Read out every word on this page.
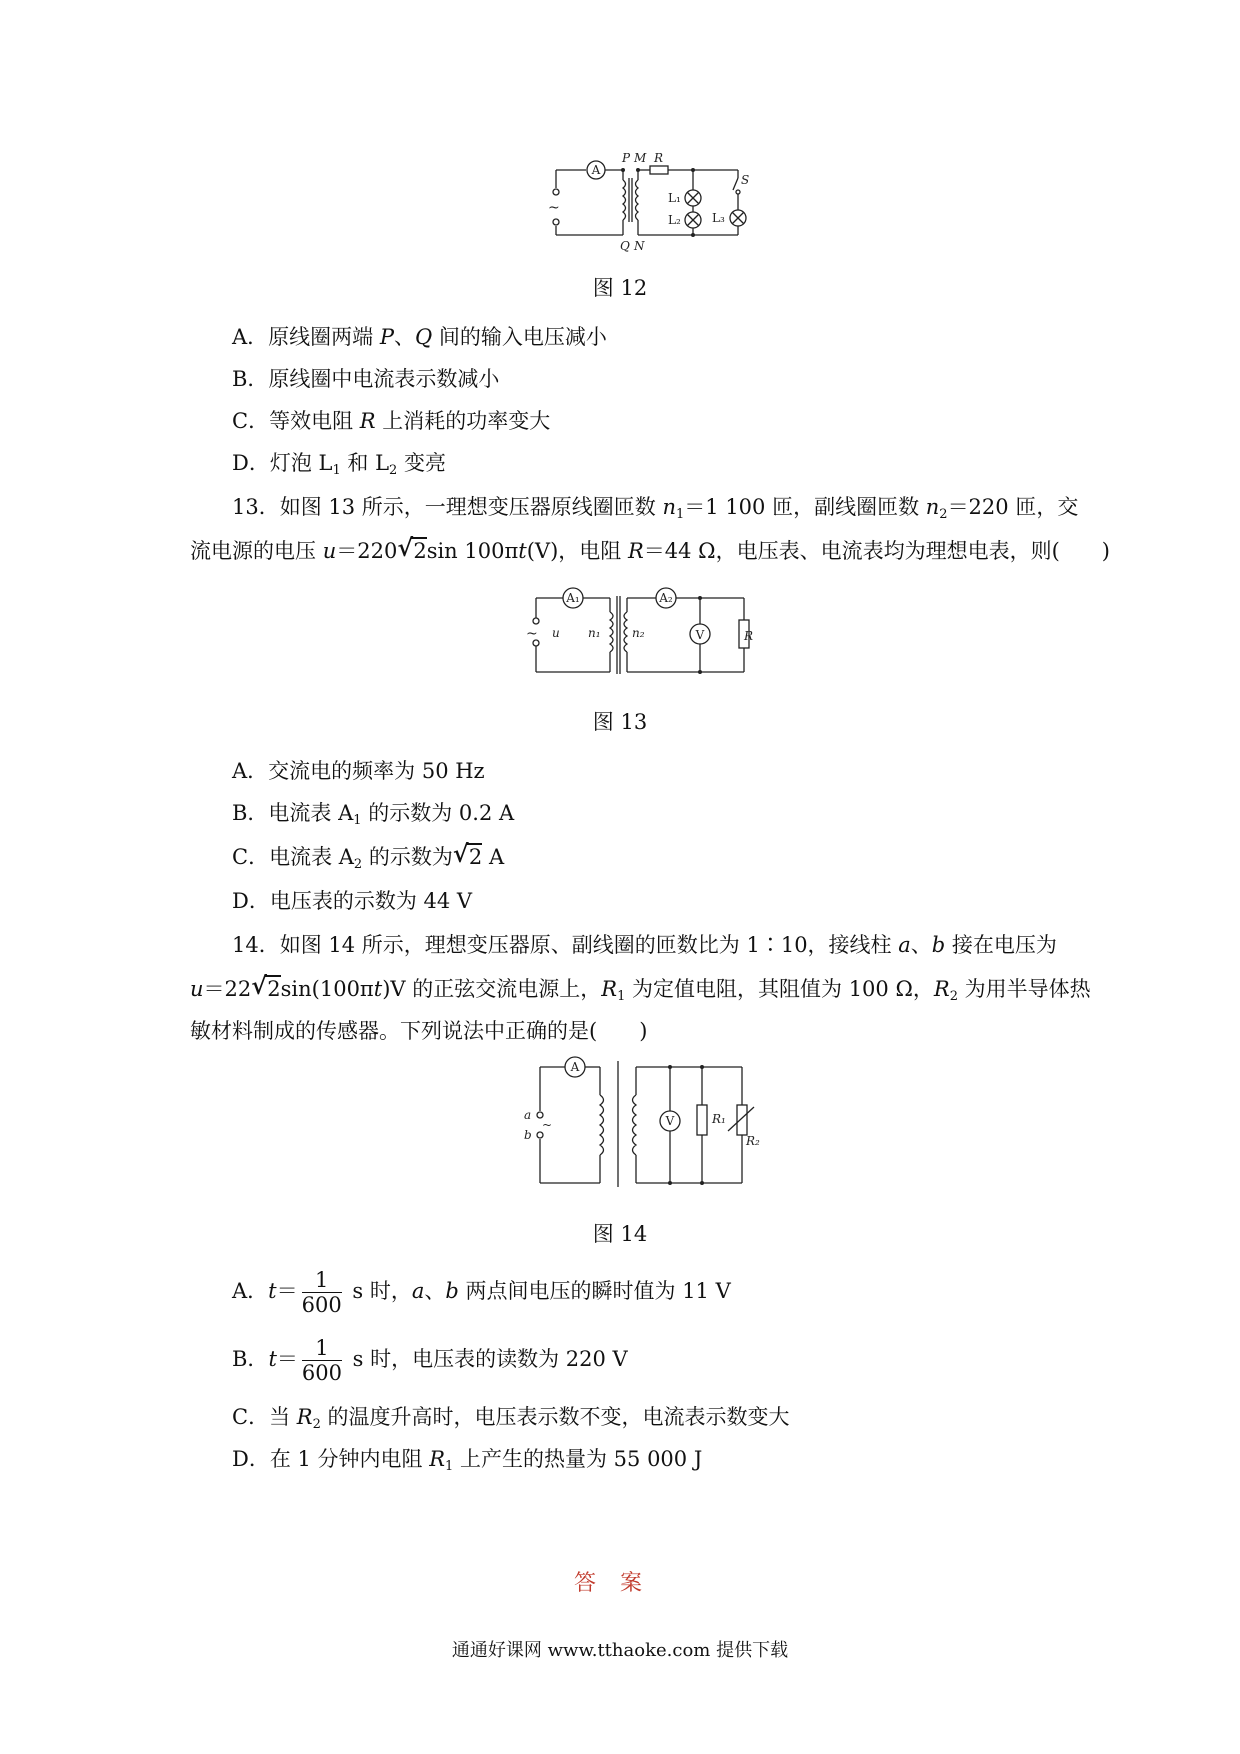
A
P M R
Q N
S
L₁
L₂	L₃
~
图 12
A．原线圈两端 P、Q 间的输入电压减小
B．原线圈中电流表示数减小
C．等效电阻 R 上消耗的功率变大
D．灯泡 $L_1$ 和 $L_2$ 变亮
13．如图 13 所示，一理想变压器原线圈匝数 $n_1=1$ 100 匝，副线圈匝数 $n_2=220$ 匝，交
流电源的电压 u＝220 √ 2sin 100πt(V)，电阻 R＝44 Ω，电压表、电流表均为理想电表，则(　　)
A₁	A₂
V	R
u n₁	n₂
~
图 13
A．交流电的频率为 50 Hz
B．电流表 $A_1$ 的示数为 0.2 A
C．电流表 $A_2$ 的示数为 √ 2 A
D．电压表的示数为 44 V
14．如图 14 所示，理想变压器原、副线圈的匝数比为 1∶10，接线柱 a、b 接在电压为
u＝22 √ 2sin(100πt)V 的正弦交流电源上，$R_1$ 为定值电阻，其阻值为 100 Ω，$R_2$ 为用半导体热
敏材料制成的传感器。下列说法中正确的是(　　)
A
V	R₁
R₂
a
b
~
图 14
A．$t= \frac{1}{600}$ s 时，a、b 两点间电压的瞬时值为 11 V
B．$t= \frac{1}{600}$ s 时，电压表的读数为 220 V
C．当 $R_2$ 的温度升高时，电压表示数不变，电流表示数变大
D．在 1 分钟内电阻 $R_1$ 上产生的热量为 55 000 J
答案
通通好课网 www.tthaoke.com 提供下载
